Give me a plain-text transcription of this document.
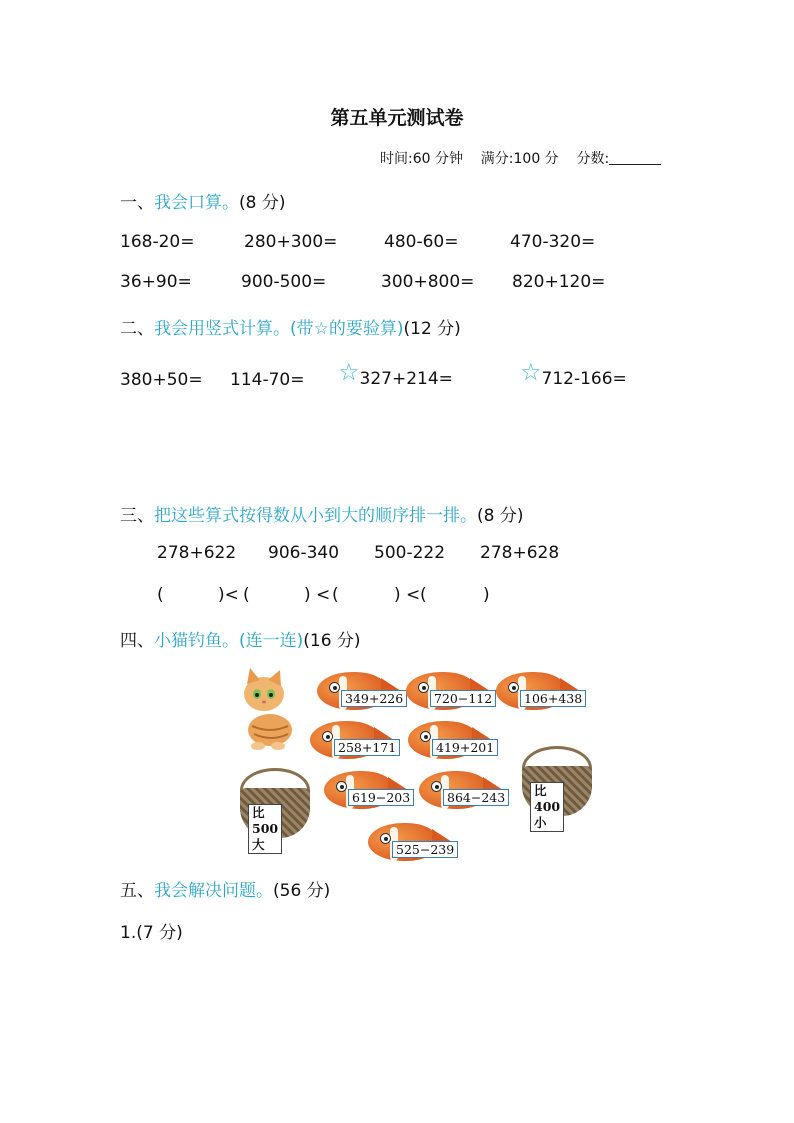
第五单元测试卷
时间:60 分钟 满分:100 分 分数:
一、我会口算。(8 分)
168-20=	280+300=	480-60=	470-320=
36+90=	900-500=	300+800= 820+120=
二、我会用竖式计算。(带☆的要验算)(12 分)
380+50= 114-70= ☆327+214=	☆712-166=
三、把这些算式按得数从小到大的顺序排一排。(8 分)
278+622 906-340 500-222 278+628
(	)< (	) < (	) < (	)
四、小猫钓鱼。(连一连)(16 分)
349+226	720−112	106+438
258+171	419+201
619−203	864−243
525−239
比500大
比400小
五、我会解决问题。(56 分)
1.(7 分)
